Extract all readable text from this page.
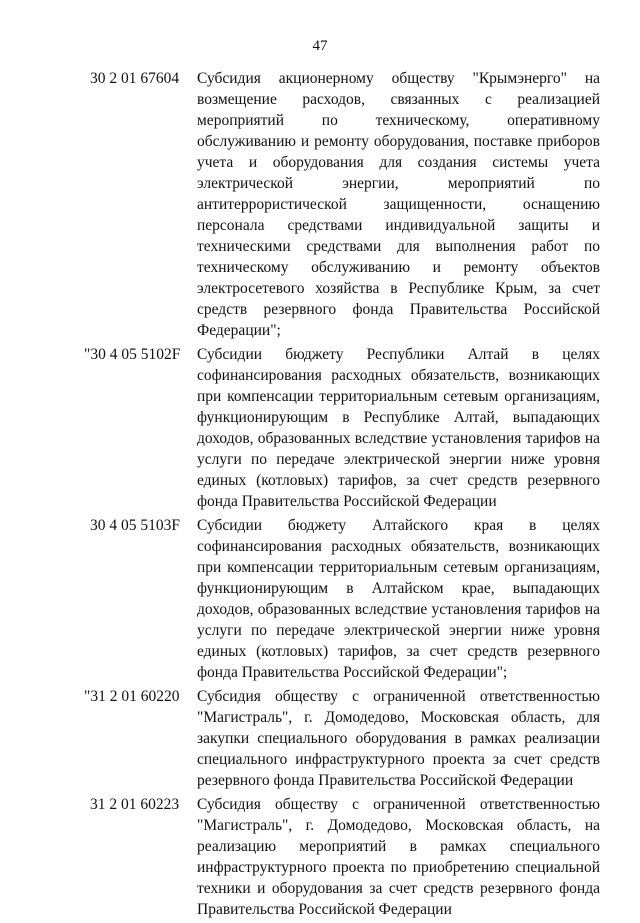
47
30 2 01 67604 Субсидия акционерному обществу "Крымэнерго" на возмещение расходов, связанных с реализацией мероприятий по техническому, оперативному обслуживанию и ремонту оборудования, поставке приборов учета и оборудования для создания системы учета электрической энергии, мероприятий по антитеррористической защищенности, оснащению персонала средствами индивидуальной защиты и техническими средствами для выполнения работ по техническому обслуживанию и ремонту объектов электросетевого хозяйства в Республике Крым, за счет средств резервного фонда Правительства Российской Федерации";
"30 4 05 5102F Субсидии бюджету Республики Алтай в целях софинансирования расходных обязательств, возникающих при компенсации территориальным сетевым организациям, функционирующим в Республике Алтай, выпадающих доходов, образованных вследствие установления тарифов на услуги по передаче электрической энергии ниже уровня единых (котловых) тарифов, за счет средств резервного фонда Правительства Российской Федерации
30 4 05 5103F Субсидии бюджету Алтайского края в целях софинансирования расходных обязательств, возникающих при компенсации территориальным сетевым организациям, функционирующим в Алтайском крае, выпадающих доходов, образованных вследствие установления тарифов на услуги по передаче электрической энергии ниже уровня единых (котловых) тарифов, за счет средств резервного фонда Правительства Российской Федерации";
"31 2 01 60220 Субсидия обществу с ограниченной ответственностью "Магистраль", г. Домодедово, Московская область, для закупки специального оборудования в рамках реализации специального инфраструктурного проекта за счет средств резервного фонда Правительства Российской Федерации
31 2 01 60223 Субсидия обществу с ограниченной ответственностью "Магистраль", г. Домодедово, Московская область, на реализацию мероприятий в рамках специального инфраструктурного проекта по приобретению специальной техники и оборудования за счет средств резервного фонда Правительства Российской Федерации
